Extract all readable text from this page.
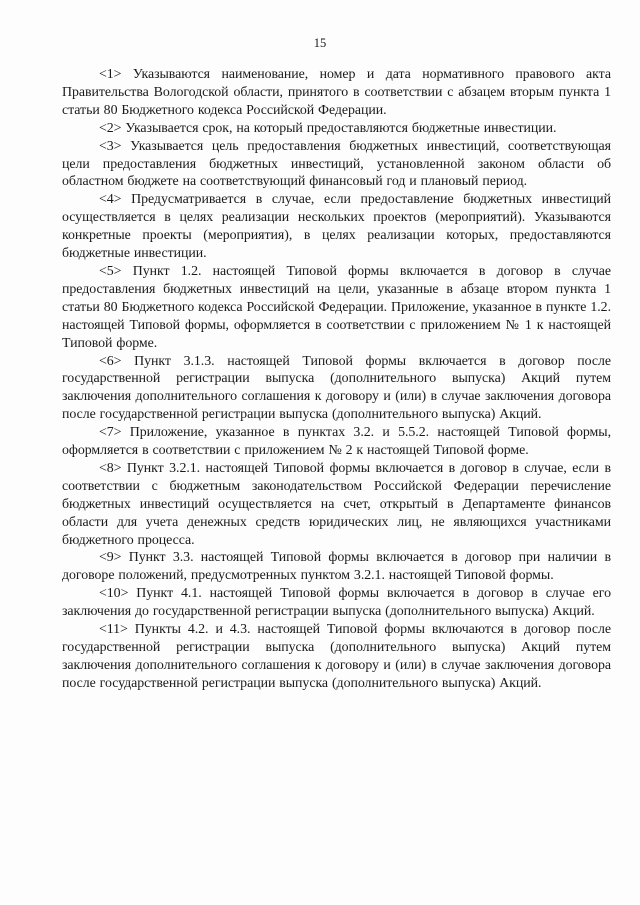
15

<1> Указываются наименование, номер и дата нормативного правового акта Правительства Вологодской области, принятого в соответствии с абзацем вторым пункта 1 статьи 80 Бюджетного кодекса Российской Федерации.

<2> Указывается срок, на который предоставляются бюджетные инвестиции.

<3> Указывается цель предоставления бюджетных инвестиций, соответствующая цели предоставления бюджетных инвестиций, установленной законом области об областном бюджете на соответствующий финансовый год и плановый период.

<4> Предусматривается в случае, если предоставление бюджетных инвестиций осуществляется в целях реализации нескольких проектов (мероприятий). Указываются конкретные проекты (мероприятия), в целях реализации которых, предоставляются бюджетные инвестиции.

<5> Пункт 1.2. настоящей Типовой формы включается в договор в случае предоставления бюджетных инвестиций на цели, указанные в абзаце втором пункта 1 статьи 80 Бюджетного кодекса Российской Федерации. Приложение, указанное в пункте 1.2. настоящей Типовой формы, оформляется в соответствии с приложением № 1 к настоящей Типовой форме.

<6> Пункт 3.1.3. настоящей Типовой формы включается в договор после государственной регистрации выпуска (дополнительного выпуска) Акций путем заключения дополнительного соглашения к договору и (или) в случае заключения договора после государственной регистрации выпуска (дополнительного выпуска) Акций.

<7> Приложение, указанное в пунктах 3.2. и 5.5.2. настоящей Типовой формы, оформляется в соответствии с приложением № 2 к настоящей Типовой форме.

<8> Пункт 3.2.1. настоящей Типовой формы включается в договор в случае, если в соответствии с бюджетным законодательством Российской Федерации перечисление бюджетных инвестиций осуществляется на счет, открытый в Департаменте финансов области для учета денежных средств юридических лиц, не являющихся участниками бюджетного процесса.

<9> Пункт 3.3. настоящей Типовой формы включается в договор при наличии в договоре положений, предусмотренных пунктом 3.2.1. настоящей Типовой формы.

<10> Пункт 4.1. настоящей Типовой формы включается в договор в случае его заключения до государственной регистрации выпуска (дополнительного выпуска) Акций.

<11> Пункты 4.2. и 4.3. настоящей Типовой формы включаются в договор после государственной регистрации выпуска (дополнительного выпуска) Акций путем заключения дополнительного соглашения к договору и (или) в случае заключения договора после государственной регистрации выпуска (дополнительного выпуска) Акций.
